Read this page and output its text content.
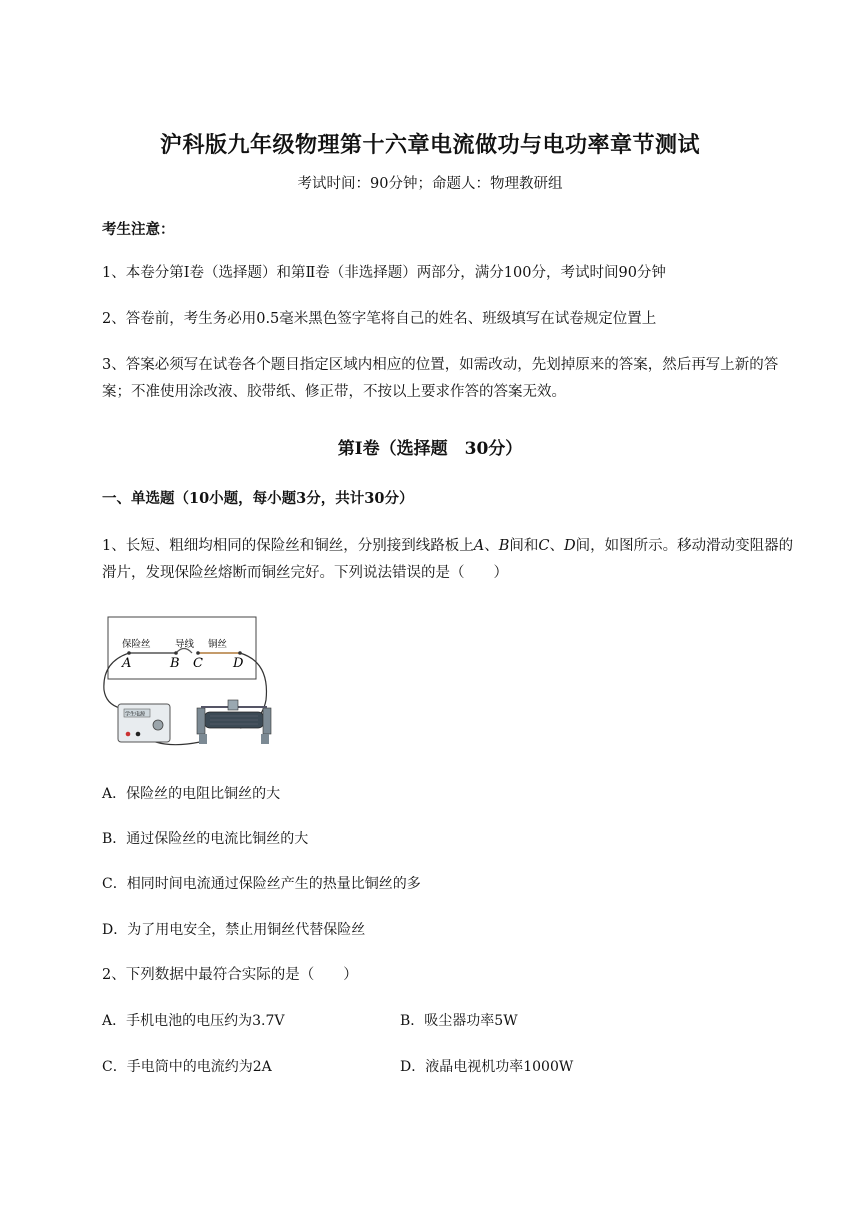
沪科版九年级物理第十六章电流做功与电功率章节测试
考试时间：90分钟；命题人：物理教研组
考生注意：
1、本卷分第Ⅰ卷（选择题）和第Ⅱ卷（非选择题）两部分，满分100分，考试时间90分钟
2、答卷前，考生务必用0.5毫米黑色签字笔将自己的姓名、班级填写在试卷规定位置上
3、答案必须写在试卷各个题目指定区域内相应的位置，如需改动，先划掉原来的答案，然后再写上新的答案；不准使用涂改液、胶带纸、修正带，不按以上要求作答的答案无效。
第Ⅰ卷（选择题　30分）
一、单选题（10小题，每小题3分，共计30分）
1、长短、粗细均相同的保险丝和铜丝，分别接到线路板上A、B间和C、D间，如图所示。移动滑动变阻器的滑片，发现保险丝熔断而铜丝完好。下列说法错误的是（　　）
保险丝	导线 铜丝
A	B C D
学生电源
A．保险丝的电阻比铜丝的大
B．通过保险丝的电流比铜丝的大
C．相同时间电流通过保险丝产生的热量比铜丝的多
D．为了用电安全，禁止用铜丝代替保险丝
2、下列数据中最符合实际的是（　　）
A．手机电池的电压约为3.7V	B．吸尘器功率5W
C．手电筒中的电流约为2A	D．液晶电视机功率1000W
